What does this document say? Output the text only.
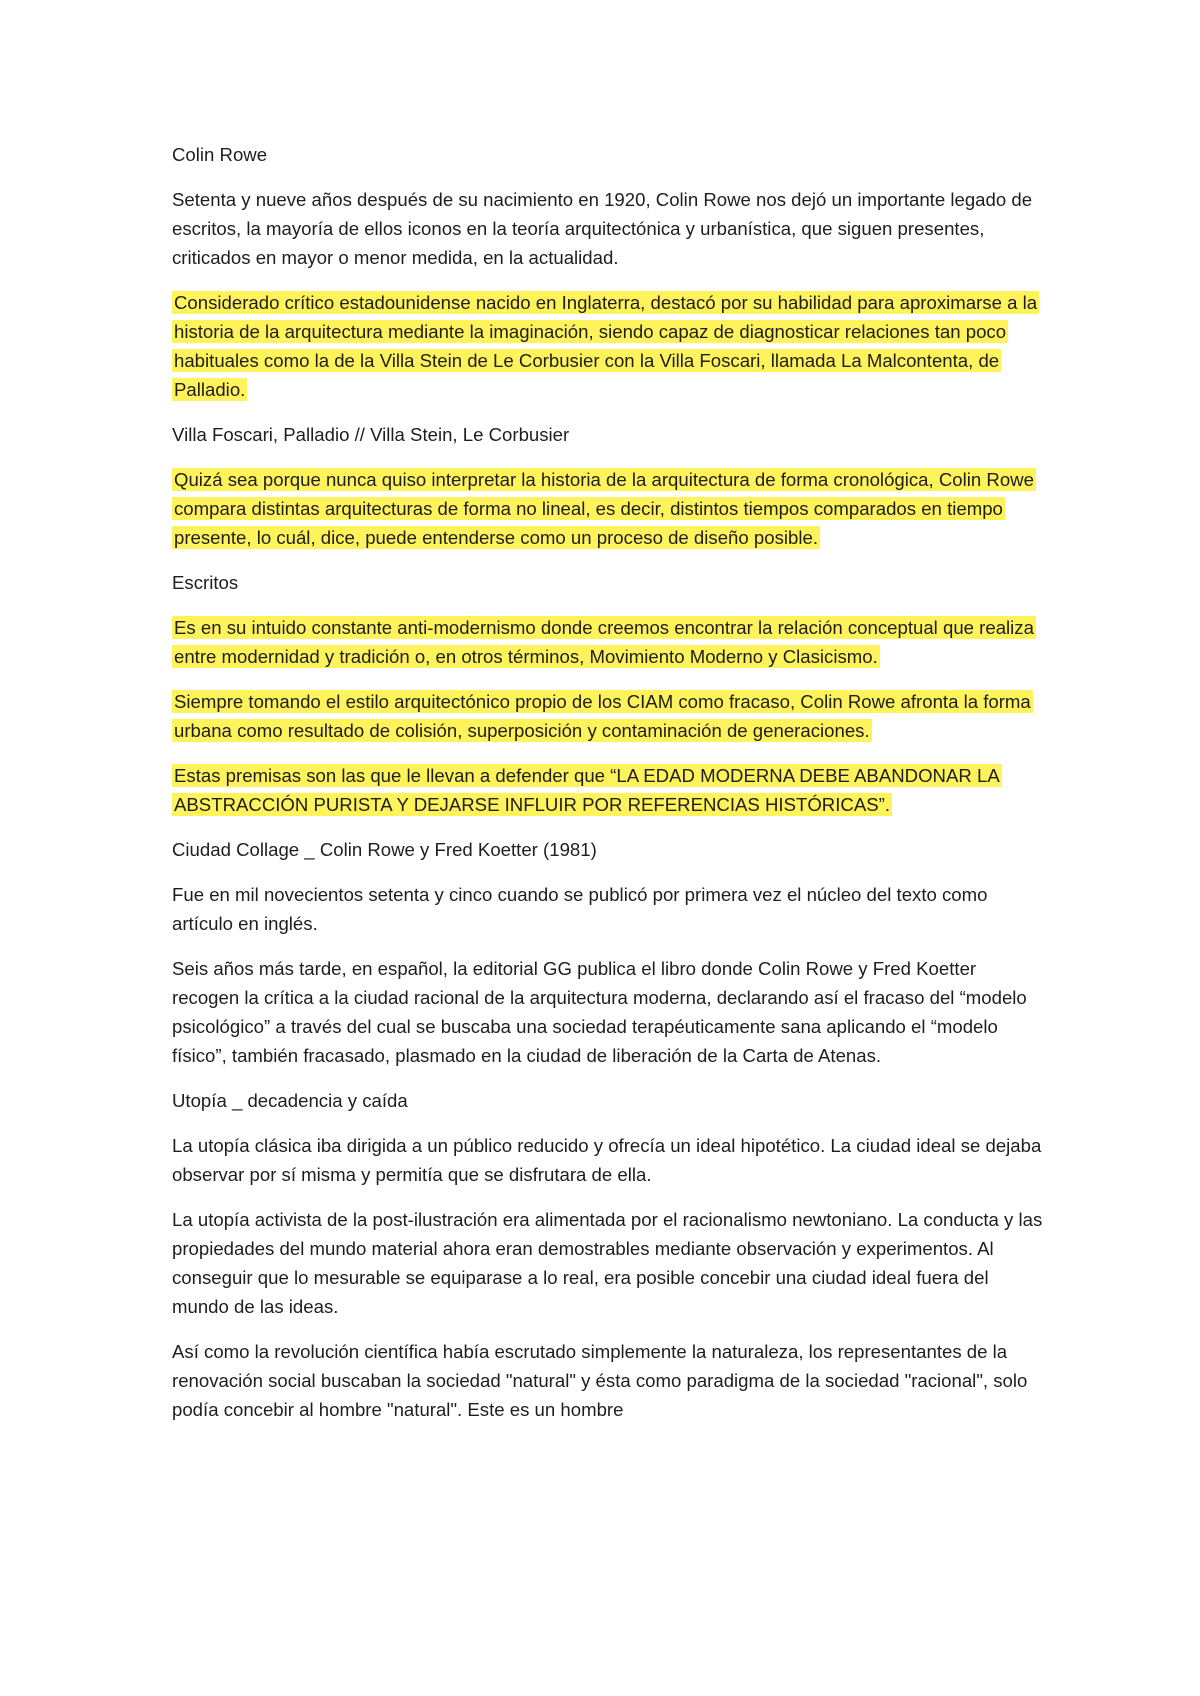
Colin Rowe

Setenta y nueve años después de su nacimiento en 1920, Colin Rowe nos dejó un importante legado de escritos, la mayoría de ellos iconos en la teoría arquitectónica y urbanística, que siguen presentes, criticados en mayor o menor medida, en la actualidad.

Considerado crítico estadounidense nacido en Inglaterra, destacó por su habilidad para aproximarse a la historia de la arquitectura mediante la imaginación, siendo capaz de diagnosticar relaciones tan poco habituales como la de la Villa Stein de Le Corbusier con la Villa Foscari, llamada La Malcontenta, de Palladio.

Villa Foscari, Palladio // Villa Stein, Le Corbusier

Quizá sea porque nunca quiso interpretar la historia de la arquitectura de forma cronológica, Colin Rowe compara distintas arquitecturas de forma no lineal, es decir, distintos tiempos comparados en tiempo presente, lo cuál, dice, puede entenderse como un proceso de diseño posible.

Escritos

Es en su intuido constante anti-modernismo donde creemos encontrar la relación conceptual que realiza entre modernidad y tradición o, en otros términos, Movimiento Moderno y Clasicismo.

Siempre tomando el estilo arquitectónico propio de los CIAM como fracaso, Colin Rowe afronta la forma urbana como resultado de colisión, superposición y contaminación de generaciones.

Estas premisas son las que le llevan a defender que “LA EDAD MODERNA DEBE ABANDONAR LA ABSTRACCIÓN PURISTA Y DEJARSE INFLUIR POR REFERENCIAS HISTÓRICAS”.

Ciudad Collage _ Colin Rowe y Fred Koetter (1981)

Fue en mil novecientos setenta y cinco cuando se publicó por primera vez el núcleo del texto como artículo en inglés.

Seis años más tarde, en español, la editorial GG publica el libro donde Colin Rowe y Fred Koetter recogen la crítica a la ciudad racional de la arquitectura moderna, declarando así el fracaso del “modelo psicológico” a través del cual se buscaba una sociedad terapéuticamente sana aplicando el “modelo físico”, también fracasado, plasmado en la ciudad de liberación de la Carta de Atenas.

Utopía _ decadencia y caída

La utopía clásica iba dirigida a un público reducido y ofrecía un ideal hipotético. La ciudad ideal se dejaba observar por sí misma y permitía que se disfrutara de ella.

La utopía activista de la post-ilustración era alimentada por el racionalismo newtoniano. La conducta y las propiedades del mundo material ahora eran demostrables mediante observación y experimentos. Al conseguir que lo mesurable se equiparase a lo real, era posible concebir una ciudad ideal fuera del mundo de las ideas.

Así como la revolución científica había escrutado simplemente la naturaleza, los representantes de la renovación social buscaban la sociedad "natural" y ésta como paradigma de la sociedad "racional", solo podía concebir al hombre "natural". Este es un hombre
